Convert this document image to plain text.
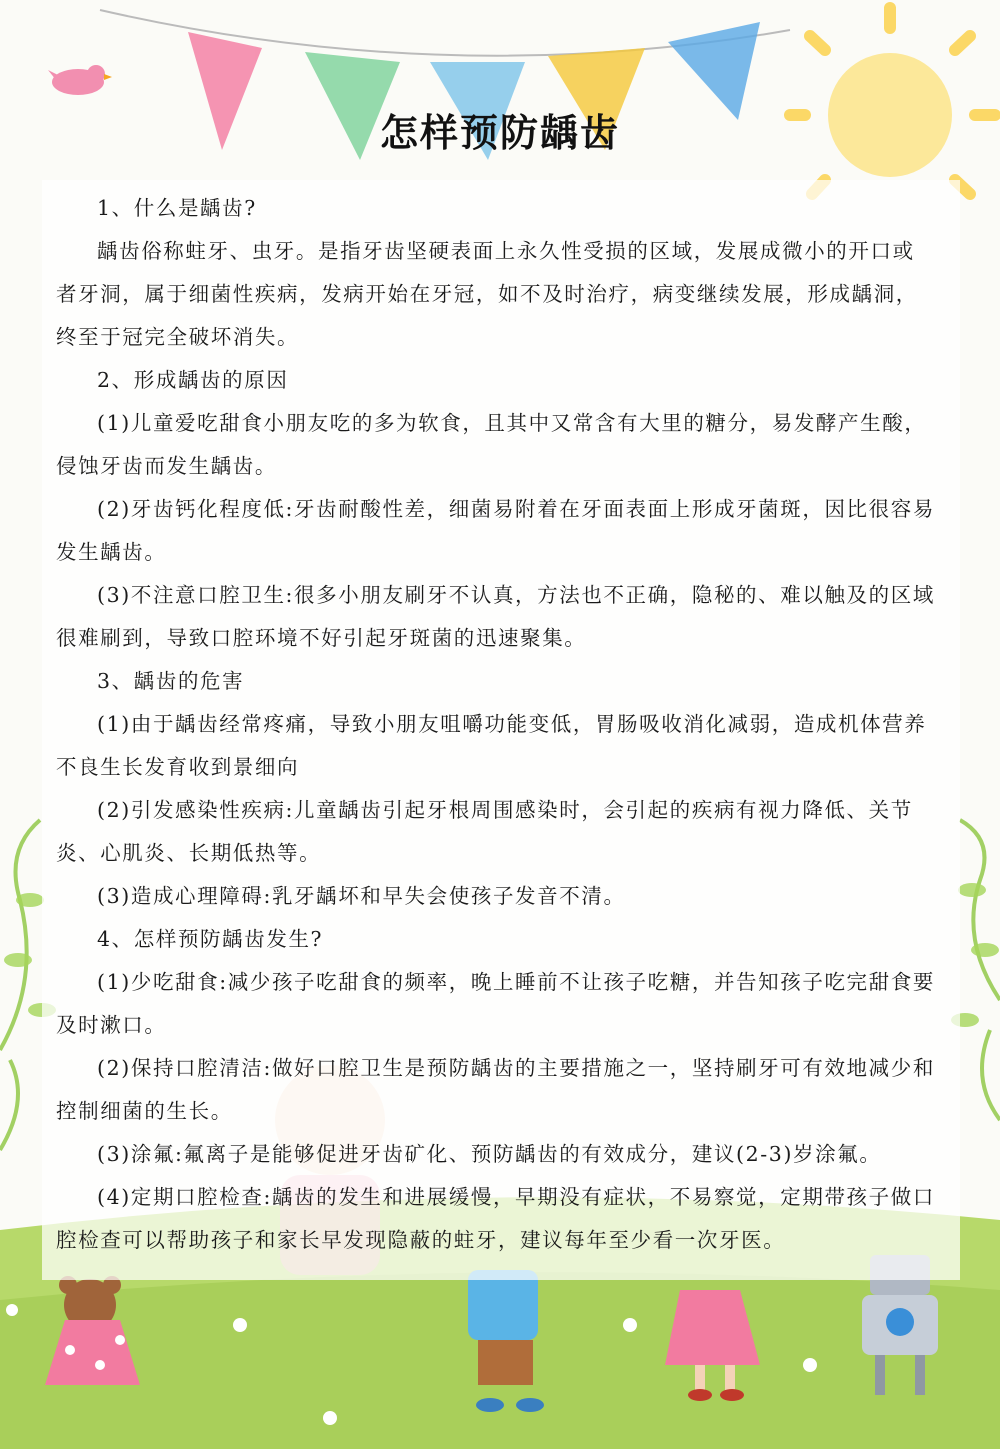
怎样预防龋齿

1、什么是龋齿?

龋齿俗称蛀牙、虫牙。是指牙齿坚硬表面上永久性受损的区域，发展成微小的开口或者牙洞，属于细菌性疾病，发病开始在牙冠，如不及时治疗，病变继续发展，形成龋洞，终至于冠完全破坏消失。

2、形成龋齿的原因

(1)儿童爱吃甜食小朋友吃的多为软食，且其中又常含有大里的糖分，易发酵产生酸，侵蚀牙齿而发生龋齿。

(2)牙齿钙化程度低:牙齿耐酸性差，细菌易附着在牙面表面上形成牙菌斑，因比很容易发生龋齿。

(3)不注意口腔卫生:很多小朋友刷牙不认真，方法也不正确，隐秘的、难以触及的区域很难刷到，导致口腔环境不好引起牙斑菌的迅速聚集。

3、龋齿的危害

(1)由于龋齿经常疼痛，导致小朋友咀嚼功能变低，胃肠吸收消化减弱，造成机体营养不良生长发育收到景细向

(2)引发感染性疾病:儿童龋齿引起牙根周围感染时，会引起的疾病有视力降低、关节炎、心肌炎、长期低热等。

(3)造成心理障碍:乳牙龋坏和早失会使孩子发音不清。

4、怎样预防龋齿发生?

(1)少吃甜食:减少孩子吃甜食的频率，晚上睡前不让孩子吃糖，并告知孩子吃完甜食要及时漱口。

(2)保持口腔清洁:做好口腔卫生是预防龋齿的主要措施之一，坚持刷牙可有效地减少和控制细菌的生长。

(3)涂氟:氟离子是能够促进牙齿矿化、预防龋齿的有效成分，建议(2-3)岁涂氟。

(4)定期口腔检查:龋齿的发生和进展缓慢，早期没有症状，不易察觉，定期带孩子做口腔检查可以帮助孩子和家长早发现隐蔽的蛀牙，建议每年至少看一次牙医。
